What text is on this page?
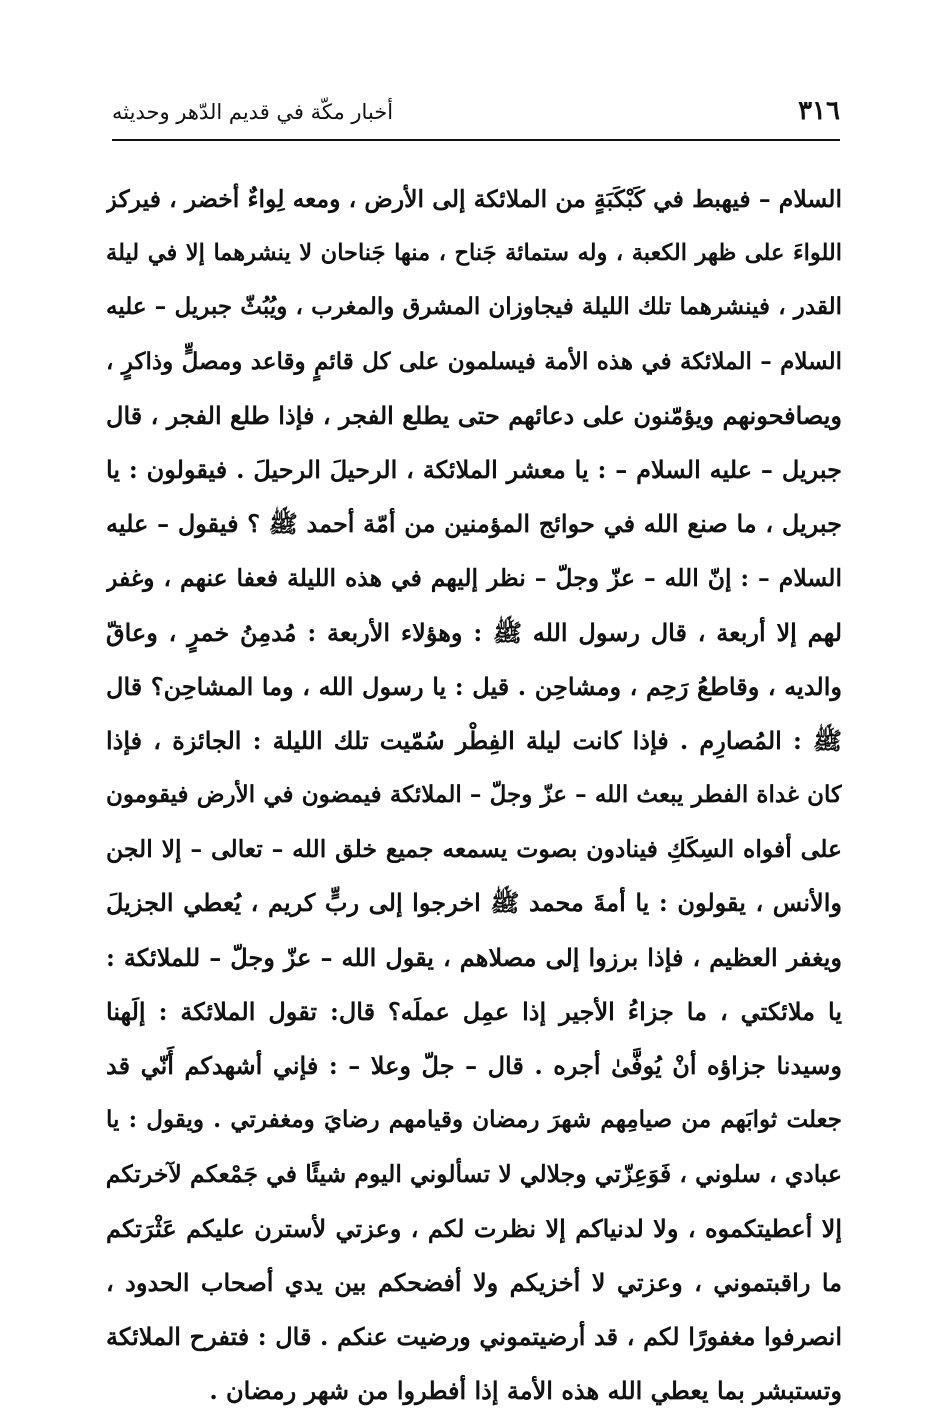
٣١٦
أخبار مكّة في قديم الدّهر وحديثه
السلام – فيهبط في كَبْكَبَةٍ من الملائكة إلى الأرض ، ومعه لِواءٌ أخضر ، فيركز
اللواءَ على ظهر الكعبة ، وله ستمائة جَناح ، منها جَناحان لا ينشرهما إلا في ليلة
القدر ، فينشرهما تلك الليلة فيجاوزان المشرق والمغرب ، ويُبُثّ جبريل – عليه
السلام – الملائكة في هذه الأمة فيسلمون على كل قائمٍ وقاعد ومصلٍّ وذاكرٍ ،
ويصافحونهم ويؤمّنون على دعائهم حتى يطلع الفجر ، فإذا طلع الفجر ، قال
جبريل – عليه السلام – : يا معشر الملائكة ، الرحيلَ الرحيلَ . فيقولون : يا
جبريل ، ما صنع الله في حوائج المؤمنين من أمّة أحمد ﷺ ؟ فيقول – عليه
السلام – : إنّ الله – عزّ وجلّ – نظر إليهم في هذه الليلة فعفا عنهم ، وغفر
لهم إلا أربعة ، قال رسول الله ﷺ : وهؤلاء الأربعة : مُدمِنُ خمرٍ ، وعاقّ
والديه ، وقاطعُ رَحِم ، ومشاحِن . قيل : يا رسول الله ، وما المشاحِن؟ قال
ﷺ : المُصارِم . فإذا كانت ليلة الفِطْر سُمّيت تلك الليلة : الجائزة ، فإذا
كان غداة الفطر يبعث الله – عزّ وجلّ – الملائكة فيمضون في الأرض فيقومون
على أفواه السِكَكِ فينادون بصوت يسمعه جميع خلق الله – تعالى – إلا الجن
والأنس ، يقولون : يا أمةَ محمد ﷺ اخرجوا إلى ربٍّ كريم ، يُعطي الجزيلَ
ويغفر العظيم ، فإذا برزوا إلى مصلاهم ، يقول الله – عزّ وجلّ – للملائكة :
يا ملائكتي ، ما جزاءُ الأجير إذا عمِل عملَه؟ قال: تقول الملائكة : إلَهنا
وسيدنا جزاؤه أنْ يُوفَّىٰ أجره . قال – جلّ وعلا – : فإني أشهدكم أَنّي قد
جعلت ثوابَهم من صيامِهم شهرَ رمضان وقيامهم رضايَ ومغفرتي . ويقول : يا
عبادي ، سلوني ، فَوَعِزّتي وجلالي لا تسألوني اليوم شيئًا في جَمْعكم لآخرتكم
إلا أعطيتكموه ، ولا لدنياكم إلا نظرت لكم ، وعزتي لأسترن عليكم عَثْرَتكم
ما راقبتموني ، وعزتي لا أخزيكم ولا أفضحكم بين يدي أصحاب الحدود ،
انصرفوا مغفورًا لكم ، قد أرضيتموني ورضيت عنكم . قال : فتفرح الملائكة
وتستبشر بما يعطي الله هذه الأمة إذا أفطروا من شهر رمضان .
